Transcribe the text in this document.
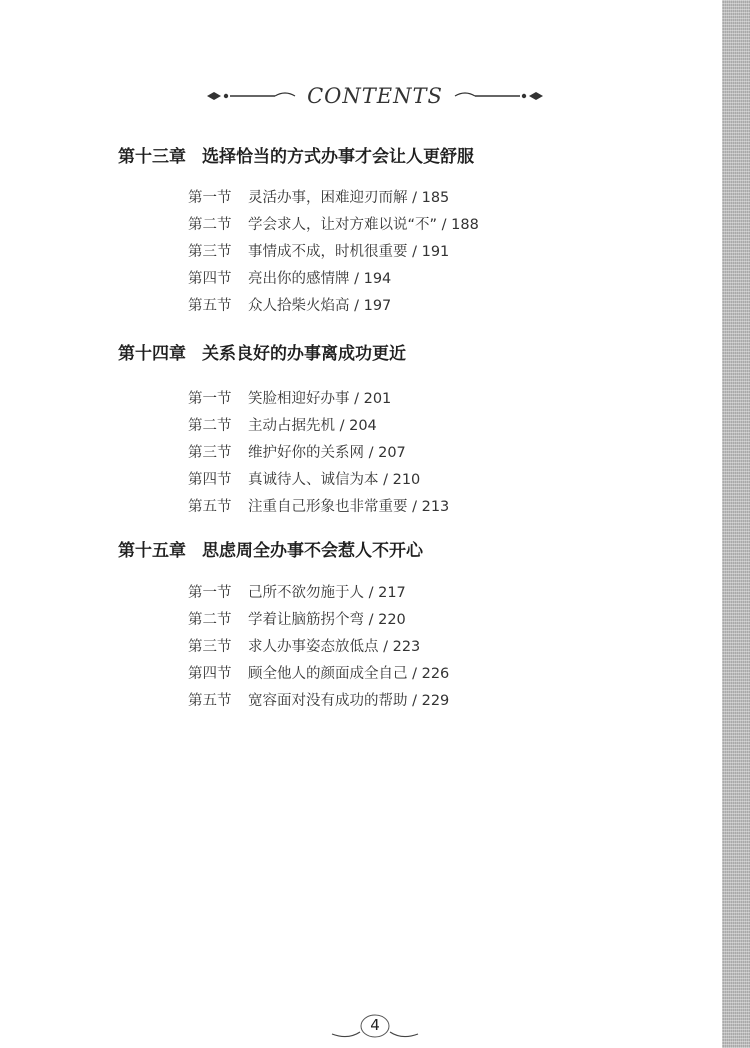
CONTENTS
第十三章 选择恰当的方式办事才会让人更舒服
第一节 灵活办事，困难迎刃而解 / 185
第二节 学会求人，让对方难以说“不” / 188
第三节 事情成不成，时机很重要 / 191
第四节 亮出你的感情牌 / 194
第五节 众人拾柴火焰高 / 197
第十四章 关系良好的办事离成功更近
第一节 笑脸相迎好办事 / 201
第二节 主动占据先机 / 204
第三节 维护好你的关系网 / 207
第四节 真诚待人、诚信为本 / 210
第五节 注重自己形象也非常重要 / 213
第十五章 思虑周全办事不会惹人不开心
第一节 己所不欲勿施于人 / 217
第二节 学着让脑筋拐个弯 / 220
第三节 求人办事姿态放低点 / 223
第四节 顾全他人的颜面成全自己 / 226
第五节 宽容面对没有成功的帮助 / 229
4
